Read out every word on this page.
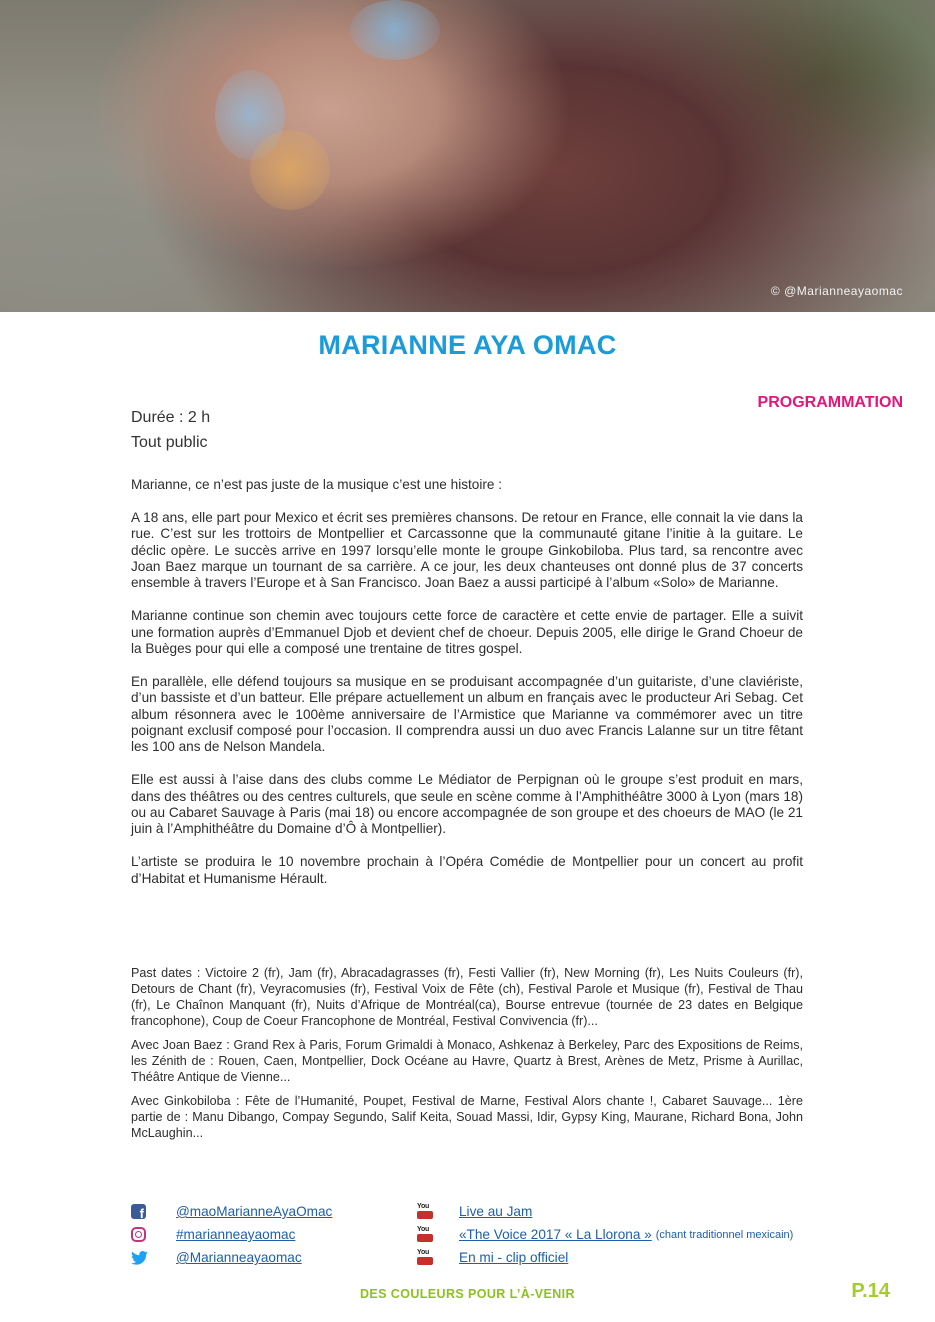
© @Marianneayaomac
MARIANNE AYA OMAC
PROGRAMMATION
Durée : 2 h
Tout public

Marianne, ce n’est pas juste de la musique c’est une histoire :

A 18 ans, elle part pour Mexico et écrit ses premières chansons. De retour en France, elle connait la vie dans la rue. C’est sur les trottoirs de Montpellier et Carcassonne que la communauté gitane l’initie à la guitare. Le déclic opère. Le succès arrive en 1997 lorsqu’elle monte le groupe Ginkobiloba. Plus tard, sa rencontre avec Joan Baez marque un tournant de sa carrière. A ce jour, les deux chanteuses ont donné plus de 37 concerts ensemble à travers l’Europe et à San Francisco. Joan Baez a aussi participé à l’album «Solo» de Marianne.

Marianne continue son chemin avec toujours cette force de caractère et cette envie de partager. Elle a suivit une formation auprès d’Emmanuel Djob et devient chef de choeur. Depuis 2005, elle dirige le Grand Choeur de la Buèges pour qui elle a composé une trentaine de titres gospel.

En parallèle, elle défend toujours sa musique en se produisant accompagnée d’un guitariste, d’une claviériste, d’un bassiste et d’un batteur. Elle prépare actuellement un album en français avec le producteur Ari Sebag. Cet album résonnera avec le 100ème anniversaire de l’Armistice que Marianne va commémorer avec un titre poignant exclusif composé pour l’occasion. Il comprendra aussi un duo avec Francis Lalanne sur un titre fêtant les 100 ans de Nelson Mandela.

Elle est aussi à l’aise dans des clubs comme Le Médiator de Perpignan où le groupe s’est produit en mars, dans des théâtres ou des centres culturels, que seule en scène comme à l’Amphithéâtre 3000 à Lyon (mars 18) ou au Cabaret Sauvage à Paris (mai 18) ou encore accompagnée de son groupe et des choeurs de MAO (le 21 juin à l’Amphithéâtre du Domaine d’Ô à Montpellier).

L’artiste se produira le 10 novembre prochain à l’Opéra Comédie de Montpellier pour un concert au profit d’Habitat et Humanisme Hérault.

Past dates : Victoire 2 (fr), Jam (fr), Abracadagrasses (fr), Festi Vallier (fr), New Morning (fr), Les Nuits Couleurs (fr), Detours de Chant (fr), Veyracomusies (fr), Festival Voix de Fête (ch), Festival Parole et Musique (fr), Festival de Thau (fr), Le Chaînon Manquant (fr), Nuits d’Afrique de Montréal(ca), Bourse entrevue (tournée de 23 dates en Belgique francophone), Coup de Coeur Francophone de Montréal, Festival Convivencia (fr)...

Avec Joan Baez : Grand Rex à Paris, Forum Grimaldi à Monaco, Ashkenaz à Berkeley, Parc des Expositions de Reims, les Zénith de : Rouen, Caen, Montpellier, Dock Océane au Havre, Quartz à Brest, Arènes de Metz, Prisme à Aurillac, Théâtre Antique de Vienne...

Avec Ginkobiloba : Fête de l’Humanité, Poupet, Festival de Marne, Festival Alors chante !, Cabaret Sauvage... 1ère partie de : Manu Dibango, Compay Segundo, Salif Keita, Souad Massi, Idir, Gypsy King, Maurane, Richard Bona, John McLaughin...

f
@maoMarianneAyaOmac
#marianneayaomac
@Marianneayaomac
You Live au Jam
You «The Voice 2017 « La Llorona » (chant traditionnel mexicain)
You En mi - clip officiel
DES COULEURS POUR L’À-VENIR	P.14
